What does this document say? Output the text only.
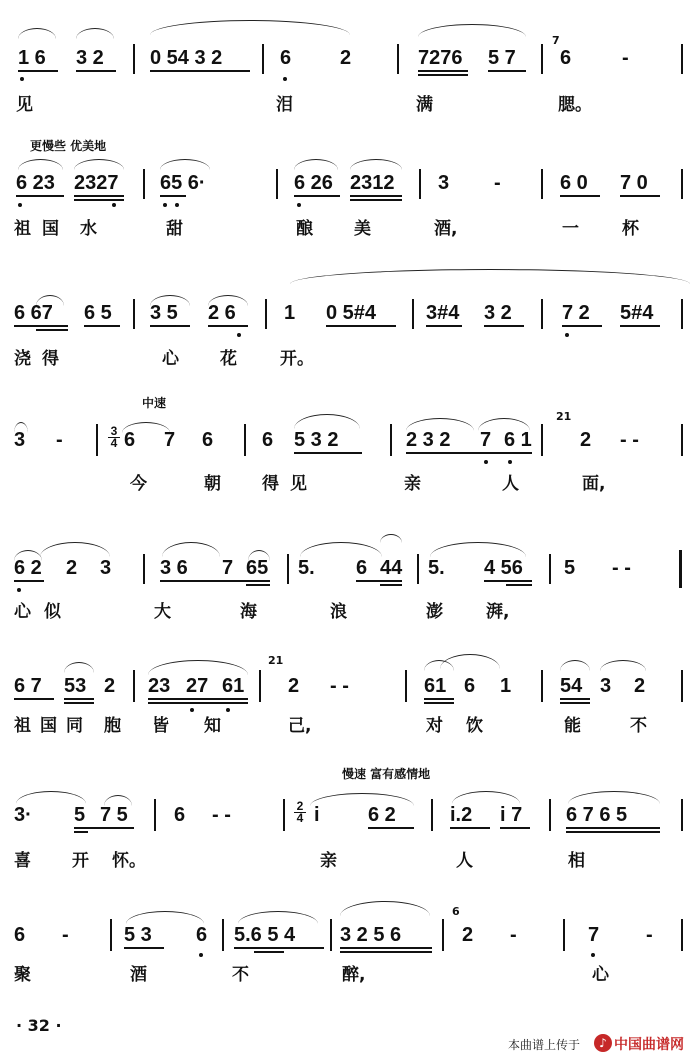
1 6 3 2 0 54 3 2	6 2	7276 5 7
7
6	-
见	泪	满	腮。
更慢些 优美地
6 23 2327 65 6·	6 26 2312 3 -	6 0 7 0
祖 国 水	甜	酿 美	酒,	一	杯
6 67 6 5 3 5 2 6 1 0 5#4 3#4 3 2	7 2 5#4
浇 得	心 花	开。
中速
3 -	3
4 6 7 6 6 5 3 2	2 3 2 7 6 1
21
2 - -
今	朝 得 见	亲	人	面,
6 2 2 3 3 6 7 65 5. 6 44 5. 4 56 5 - -
心 似	大	海	浪	澎	湃,
6 7 53 2 23 27 61
21
2 - -	61 6 1 54 3 2
祖 国 同 胞 皆 知	己,	对 饮	能	不
慢速 富有感情地
3· 5 7 5 6 - -	2
4 i 6 2	i.2 i 7 6 7 6 5
喜 开 怀。	亲	人	相
6 -	5 3 6 5.6 5 4 3 2 5 6
6
2 -	7 -
聚	酒	不	醉,	心
· 32 ·
本曲谱上传于	♪ 中国曲谱网
